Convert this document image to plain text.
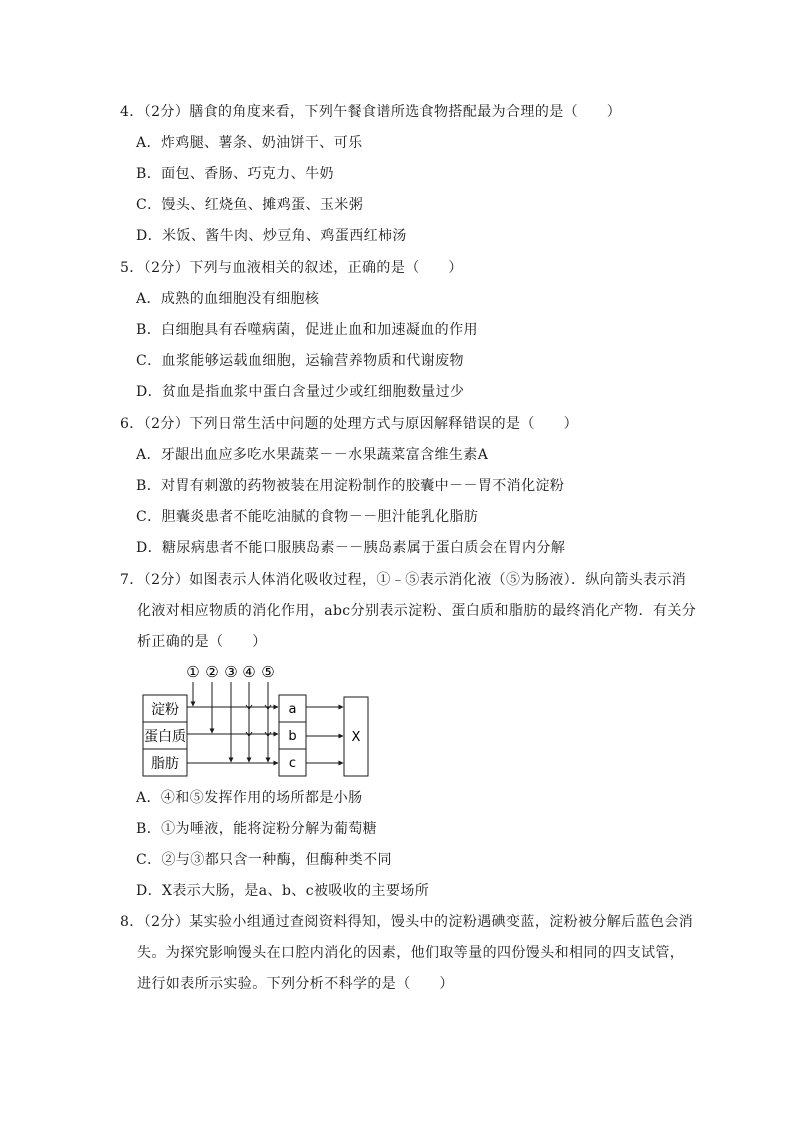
4．（2分）膳食的角度来看，下列午餐食谱所选食物搭配最为合理的是（　　）
A．炸鸡腿、薯条、奶油饼干、可乐
B．面包、香肠、巧克力、牛奶
C．馒头、红烧鱼、摊鸡蛋、玉米粥
D．米饭、酱牛肉、炒豆角、鸡蛋西红柿汤
5．（2分）下列与血液相关的叙述，正确的是（　　）
A．成熟的血细胞没有细胞核
B．白细胞具有吞噬病菌，促进止血和加速凝血的作用
C．血浆能够运载血细胞，运输营养物质和代谢废物
D．贫血是指血浆中蛋白含量过少或红细胞数量过少
6．（2分）下列日常生活中问题的处理方式与原因解释错误的是（　　）
A．牙龈出血应多吃水果蔬菜－－水果蔬菜富含维生素A
B．对胃有刺激的药物被装在用淀粉制作的胶囊中－－胃不消化淀粉
C．胆囊炎患者不能吃油腻的食物－－胆汁能乳化脂肪
D．糖尿病患者不能口服胰岛素－－胰岛素属于蛋白质会在胃内分解
7．（2分）如图表示人体消化吸收过程，①﹣⑤表示消化液（⑤为肠液）．纵向箭头表示消
化液对相应物质的消化作用，abc分别表示淀粉、蛋白质和脂肪的最终消化产物．有关分
析正确的是（　　）
① ② ③ ④ ⑤
淀粉
蛋白质
脂肪
a
b
c
X
A．④和⑤发挥作用的场所都是小肠
B．①为唾液，能将淀粉分解为葡萄糖
C．②与③都只含一种酶，但酶种类不同
D．X表示大肠，是a、b、c被吸收的主要场所
8．（2分）某实验小组通过查阅资料得知，馒头中的淀粉遇碘变蓝，淀粉被分解后蓝色会消
失。为探究影响馒头在口腔内消化的因素，他们取等量的四份馒头和相同的四支试管，
进行如表所示实验。下列分析不科学的是（　　）
